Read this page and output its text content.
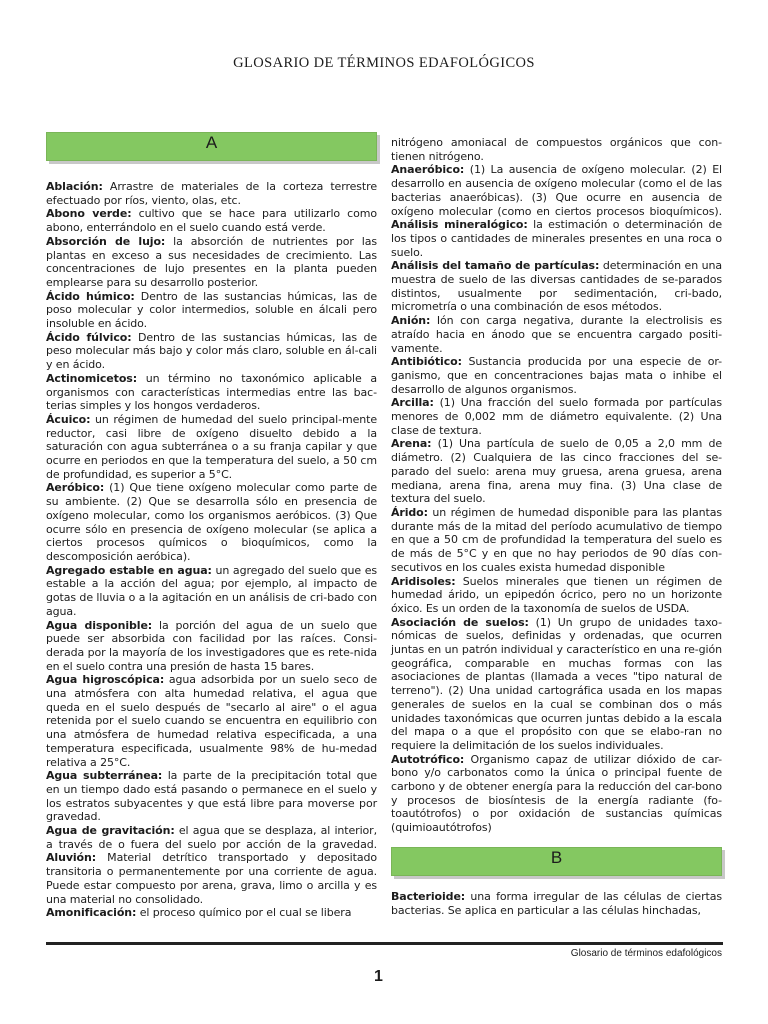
GLOSARIO DE TÉRMINOS EDAFOLÓGICOS
A

Ablación: Arrastre de materiales de la corteza terrestre efectuado por ríos, viento, olas, etc.

Abono verde: cultivo que se hace para utilizarlo como abono, enterrándolo en el suelo cuando está verde.

Absorción de lujo: la absorción de nutrientes por las plantas en exceso a sus necesidades de crecimiento. Las concentraciones de lujo presentes en la planta pueden emplearse para su desarrollo posterior.

Ácido húmico: Dentro de las sustancias húmicas, las de poso molecular y color intermedios, soluble en álcali pero insoluble en ácido.

Ácido fúlvico: Dentro de las sustancias húmicas, las de peso molecular más bajo y color más claro, soluble en ál-cali y en ácido.

Actinomicetos: un término no taxonómico aplicable a organismos con características intermedias entre las bac-terias simples y los hongos verdaderos.

Ácuico: un régimen de humedad del suelo principal-mente reductor, casi libre de oxígeno disuelto debido a la saturación con agua subterránea o a su franja capilar y que ocurre en periodos en que la temperatura del suelo, a 50 cm de profundidad, es superior a 5°C.

Aeróbico: (1) Que tiene oxígeno molecular como parte de su ambiente. (2) Que se desarrolla sólo en presencia de oxígeno molecular, como los organismos aeróbicos. (3) Que ocurre sólo en presencia de oxígeno molecular (se aplica a ciertos procesos químicos o bioquímicos, como la descomposición aeróbica).

Agregado estable en agua: un agregado del suelo que es estable a la acción del agua; por ejemplo, al impacto de gotas de lluvia o a la agitación en un análisis de cri-bado con agua.

Agua disponible: la porción del agua de un suelo que puede ser absorbida con facilidad por las raíces. Consi-derada por la mayoría de los investigadores que es rete-nida en el suelo contra una presión de hasta 15 bares.

Agua higroscópica: agua adsorbida por un suelo seco de una atmósfera con alta humedad relativa, el agua que queda en el suelo después de "secarlo al aire" o el agua retenida por el suelo cuando se encuentra en equilibrio con una atmósfera de humedad relativa especificada, a una temperatura especificada, usualmente 98% de hu-medad relativa a 25°C.

Agua subterránea: la parte de la precipitación total que en un tiempo dado está pasando o permanece en el suelo y los estratos subyacentes y que está libre para moverse por gravedad.

Agua de gravitación: el agua que se desplaza, al interior, a través de o fuera del suelo por acción de la gravedad. Aluvión: Material detrítico transportado y depositado transitoria o permanentemente por una corriente de agua. Puede estar compuesto por arena, grava, limo o arcilla y es una material no consolidado.

Amonificación: el proceso químico por el cual se libera

nitrógeno amoniacal de compuestos orgánicos que con-tienen nitrógeno.

Anaeróbico: (1) La ausencia de oxígeno molecular. (2) El desarrollo en ausencia de oxígeno molecular (como el de las bacterias anaeróbicas). (3) Que ocurre en ausencia de oxígeno molecular (como en ciertos procesos bioquímicos). Análisis mineralógico: la estimación o determinación de los tipos o cantidades de minerales presentes en una roca o suelo.

Análisis del tamaño de partículas: determinación en una muestra de suelo de las diversas cantidades de se-parados distintos, usualmente por sedimentación, cri-bado, micrometría o una combinación de esos métodos.

Anión: Ión con carga negativa, durante la electrolisis es atraído hacia en ánodo que se encuentra cargado positi-vamente.

Antibiótico: Sustancia producida por una especie de or-ganismo, que en concentraciones bajas mata o inhibe el desarrollo de algunos organismos.

Arcilla: (1) Una fracción del suelo formada por partículas menores de 0,002 mm de diámetro equivalente. (2) Una clase de textura.

Arena: (1) Una partícula de suelo de 0,05 a 2,0 mm de diámetro. (2) Cualquiera de las cinco fracciones del se-parado del suelo: arena muy gruesa, arena gruesa, arena mediana, arena fina, arena muy fina. (3) Una clase de textura del suelo.

Árido: un régimen de humedad disponible para las plantas durante más de la mitad del período acumulativo de tiempo en que a 50 cm de profundidad la temperatura del suelo es de más de 5°C y en que no hay periodos de 90 días con-secutivos en los cuales exista humedad disponible

Aridisoles: Suelos minerales que tienen un régimen de humedad árido, un epipedón ócrico, pero no un horizonte óxico. Es un orden de la taxonomía de suelos de USDA.

Asociación de suelos: (1) Un grupo de unidades taxo-nómicas de suelos, definidas y ordenadas, que ocurren juntas en un patrón individual y característico en una re-gión geográfica, comparable en muchas formas con las asociaciones de plantas (llamada a veces "tipo natural de terreno"). (2) Una unidad cartográfica usada en los mapas generales de suelos en la cual se combinan dos o más unidades taxonómicas que ocurren juntas debido a la escala del mapa o a que el propósito con que se elabo-ran no requiere la delimitación de los suelos individuales.

Autotrófico: Organismo capaz de utilizar dióxido de car-bono y/o carbonatos como la única o principal fuente de carbono y de obtener energía para la reducción del car-bono y procesos de biosíntesis de la energía radiante (fo-toautótrofos) o por oxidación de sustancias químicas (quimioautótrofos)

B

Bacterioide: una forma irregular de las células de ciertas bacterias. Se aplica en particular a las células hinchadas,

Glosario de términos edafológicos
1
